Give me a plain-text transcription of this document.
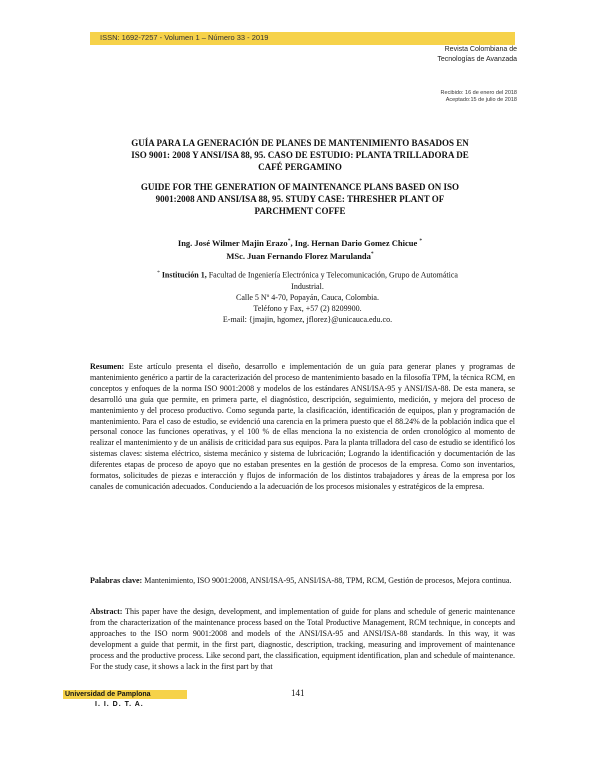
ISSN: 1692-7257 - Volumen 1 – Número 33 - 2019
Revista Colombiana de
Tecnologías de Avanzada
Recibido: 16 de enero del 2018
Aceptado:15 de julio de 2018
GUÍA PARA LA GENERACIÓN DE PLANES DE MANTENIMIENTO BASADOS EN ISO 9001: 2008 Y ANSI/ISA 88, 95. CASO DE ESTUDIO: PLANTA TRILLADORA DE CAFÉ PERGAMINO
GUIDE FOR THE GENERATION OF MAINTENANCE PLANS BASED ON ISO 9001:2008 AND ANSI/ISA 88, 95. STUDY CASE: THRESHER PLANT OF PARCHMENT COFFE
Ing. José Wilmer Majin Erazo*, Ing. Hernan Dario Gomez Chicue *
MSc. Juan Fernando Florez Marulanda*
* Institución 1, Facultad de Ingeniería Electrónica y Telecomunicación, Grupo de Automática Industrial.
Calle 5 Nº 4-70, Popayán, Cauca, Colombia.
Teléfono y Fax, +57 (2) 8209900.
E-mail: {jmajin, hgomez, jflorez}@unicauca.edu.co.
Resumen: Este artículo presenta el diseño, desarrollo e implementación de un guía para generar planes y programas de mantenimiento genérico a partir de la caracterización del proceso de mantenimiento basado en la filosofía TPM, la técnica RCM, en conceptos y enfoques de la norma ISO 9001:2008 y modelos de los estándares ANSI/ISA-95 y ANSI/ISA-88. De esta manera, se desarrolló una guía que permite, en primera parte, el diagnóstico, descripción, seguimiento, medición, y mejora del proceso de mantenimiento y del proceso productivo. Como segunda parte, la clasificación, identificación de equipos, plan y programación de mantenimiento. Para el caso de estudio, se evidenció una carencia en la primera puesto que el 88.24% de la población indica que el personal conoce las funciones operativas, y el 100 % de ellas menciona la no existencia de orden cronológico al momento de realizar el mantenimiento y de un análisis de criticidad para sus equipos. Para la planta trilladora del caso de estudio se identificó los sistemas claves: sistema eléctrico, sistema mecánico y sistema de lubricación; Logrando la identificación y documentación de las diferentes etapas de proceso de apoyo que no estaban presentes en la gestión de procesos de la empresa. Como son inventarios, formatos, solicitudes de piezas e interacción y flujos de información de los distintos trabajadores y áreas de la empresa por los canales de comunicación adecuados. Conduciendo a la adecuación de los procesos misionales y estratégicos de la empresa.
Palabras clave: Mantenimiento, ISO 9001:2008, ANSI/ISA-95, ANSI/ISA-88, TPM, RCM, Gestión de procesos, Mejora continua.
Abstract: This paper have the design, development, and implementation of guide for plans and schedule of generic maintenance from the characterization of the maintenance process based on the Total Productive Management, RCM technique, in concepts and approaches to the ISO norm 9001:2008 and models of the ANSI/ISA-95 and ANSI/ISA-88 standards. In this way, it was development a guide that permit, in the first part, diagnostic, description, tracking, measuring and improvement of maintenance process and the productive process. Like second part, the classification, equipment identification, plan and schedule of maintenance. For the study case, it shows a lack in the first part by that
141
Universidad de Pamplona
I. I. D. T. A.
